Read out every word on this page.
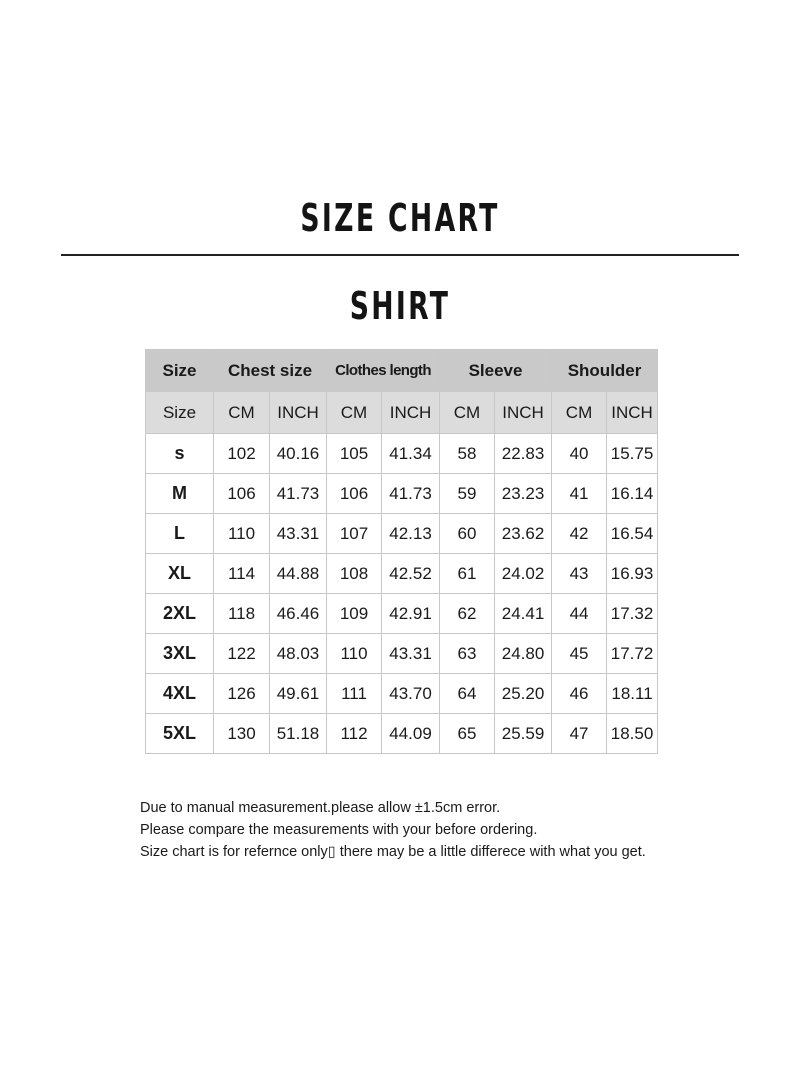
SIZE CHART
SHIRT
Size	Chest size		Clothes length		Sleeve		Shoulder	
Size	CM	INCH	CM	INCH	CM	INCH	CM	INCH
s	102	40.16	105	41.34	58	22.83	40	15.75
M	106	41.73	106	41.73	59	23.23	41	16.14
L	110	43.31	107	42.13	60	23.62	42	16.54
XL	114	44.88	108	42.52	61	24.02	43	16.93
2XL	118	46.46	109	42.91	62	24.41	44	17.32
3XL	122	48.03	110	43.31	63	24.80	45	17.72
4XL	126	49.61	111	43.70	64	25.20	46	18.11
5XL	130	51.18	112	44.09	65	25.59	47	18.50

Due to manual measurement.please allow ±1.5cm error.

Please compare the measurements with your before ordering.

Size chart is for refernce only▯ there may be a little differece with what you get.
